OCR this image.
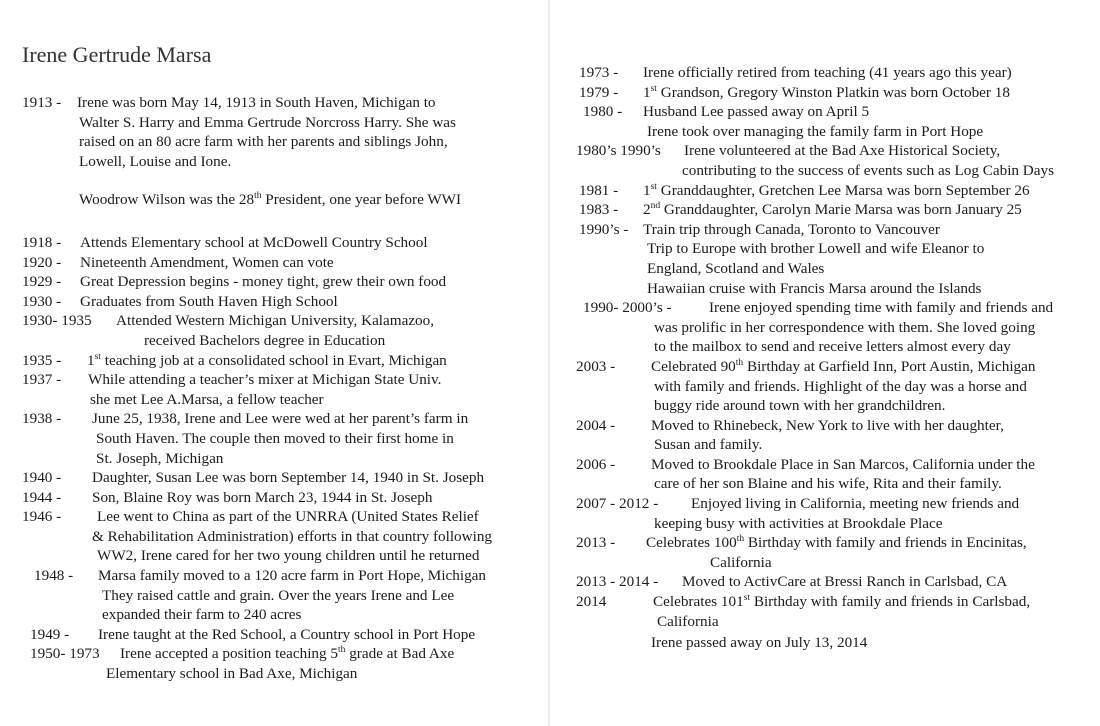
Irene Gertrude Marsa
1913 -	Irene was born May 14, 1913 in South Haven, Michigan to
Walter S. Harry and Emma Gertrude Norcross Harry. She was
raised on an 80 acre farm with her parents and siblings John,
Lowell, Louise and Ione.
Woodrow Wilson was the 28th President, one year before WWI
1918 -	Attends Elementary school at McDowell Country School
1920 -	Nineteenth Amendment, Women can vote
1929 -	Great Depression begins - money tight, grew their own food
1930 -	Graduates from South Haven High School
1930- 1935	Attended Western Michigan University, Kalamazoo,
received Bachelors degree in Education
1935 -	1st teaching job at a consolidated school in Evart, Michigan
1937 -	While attending a teacher’s mixer at Michigan State Univ.
she met Lee A.Marsa, a fellow teacher
1938 -	June 25, 1938, Irene and Lee were wed at her parent’s farm in
South Haven. The couple then moved to their first home in
St. Joseph, Michigan
1940 -	Daughter, Susan Lee was born September 14, 1940 in St. Joseph
1944 -	Son, Blaine Roy was born March 23, 1944 in St. Joseph
1946 -	Lee went to China as part of the UNRRA (United States Relief
& Rehabilitation Administration) efforts in that country following
WW2, Irene cared for her two young children until he returned
1948 -	Marsa family moved to a 120 acre farm in Port Hope, Michigan
They raised cattle and grain. Over the years Irene and Lee
expanded their farm to 240 acres
1949 -	Irene taught at the Red School, a Country school in Port Hope
1950- 1973	Irene accepted a position teaching 5th grade at Bad Axe
Elementary school in Bad Axe, Michigan
1973 -	Irene officially retired from teaching (41 years ago this year)
1979 -	1st Grandson, Gregory Winston Platkin was born October 18
1980 -	Husband Lee passed away on April 5
Irene took over managing the family farm in Port Hope
1980’s 1990’s	Irene volunteered at the Bad Axe Historical Society,
contributing to the success of events such as Log Cabin Days
1981 -	1st Granddaughter, Gretchen Lee Marsa was born September 26
1983 -	2nd Granddaughter, Carolyn Marie Marsa was born January 25
1990’s - Train trip through Canada, Toronto to Vancouver
Trip to Europe with brother Lowell and wife Eleanor to
England, Scotland and Wales
Hawaiian cruise with Francis Marsa around the Islands
1990- 2000’s -	Irene enjoyed spending time with family and friends and
was prolific in her correspondence with them. She loved going
to the mailbox to send and receive letters almost every day
2003 -	Celebrated 90th Birthday at Garfield Inn, Port Austin, Michigan
with family and friends. Highlight of the day was a horse and
buggy ride around town with her grandchildren.
2004 -	Moved to Rhinebeck, New York to live with her daughter,
Susan and family.
2006 -	Moved to Brookdale Place in San Marcos, California under the
care of her son Blaine and his wife, Rita and their family.
2007 - 2012 -	Enjoyed living in California, meeting new friends and
keeping busy with activities at Brookdale Place
2013 -	Celebrates 100th Birthday with family and friends in Encinitas,
California
2013 - 2014 -	Moved to ActivCare at Bressi Ranch in Carlsbad, CA
2014	Celebrates 101st Birthday with family and friends in Carlsbad,
California
Irene passed away on July 13, 2014
